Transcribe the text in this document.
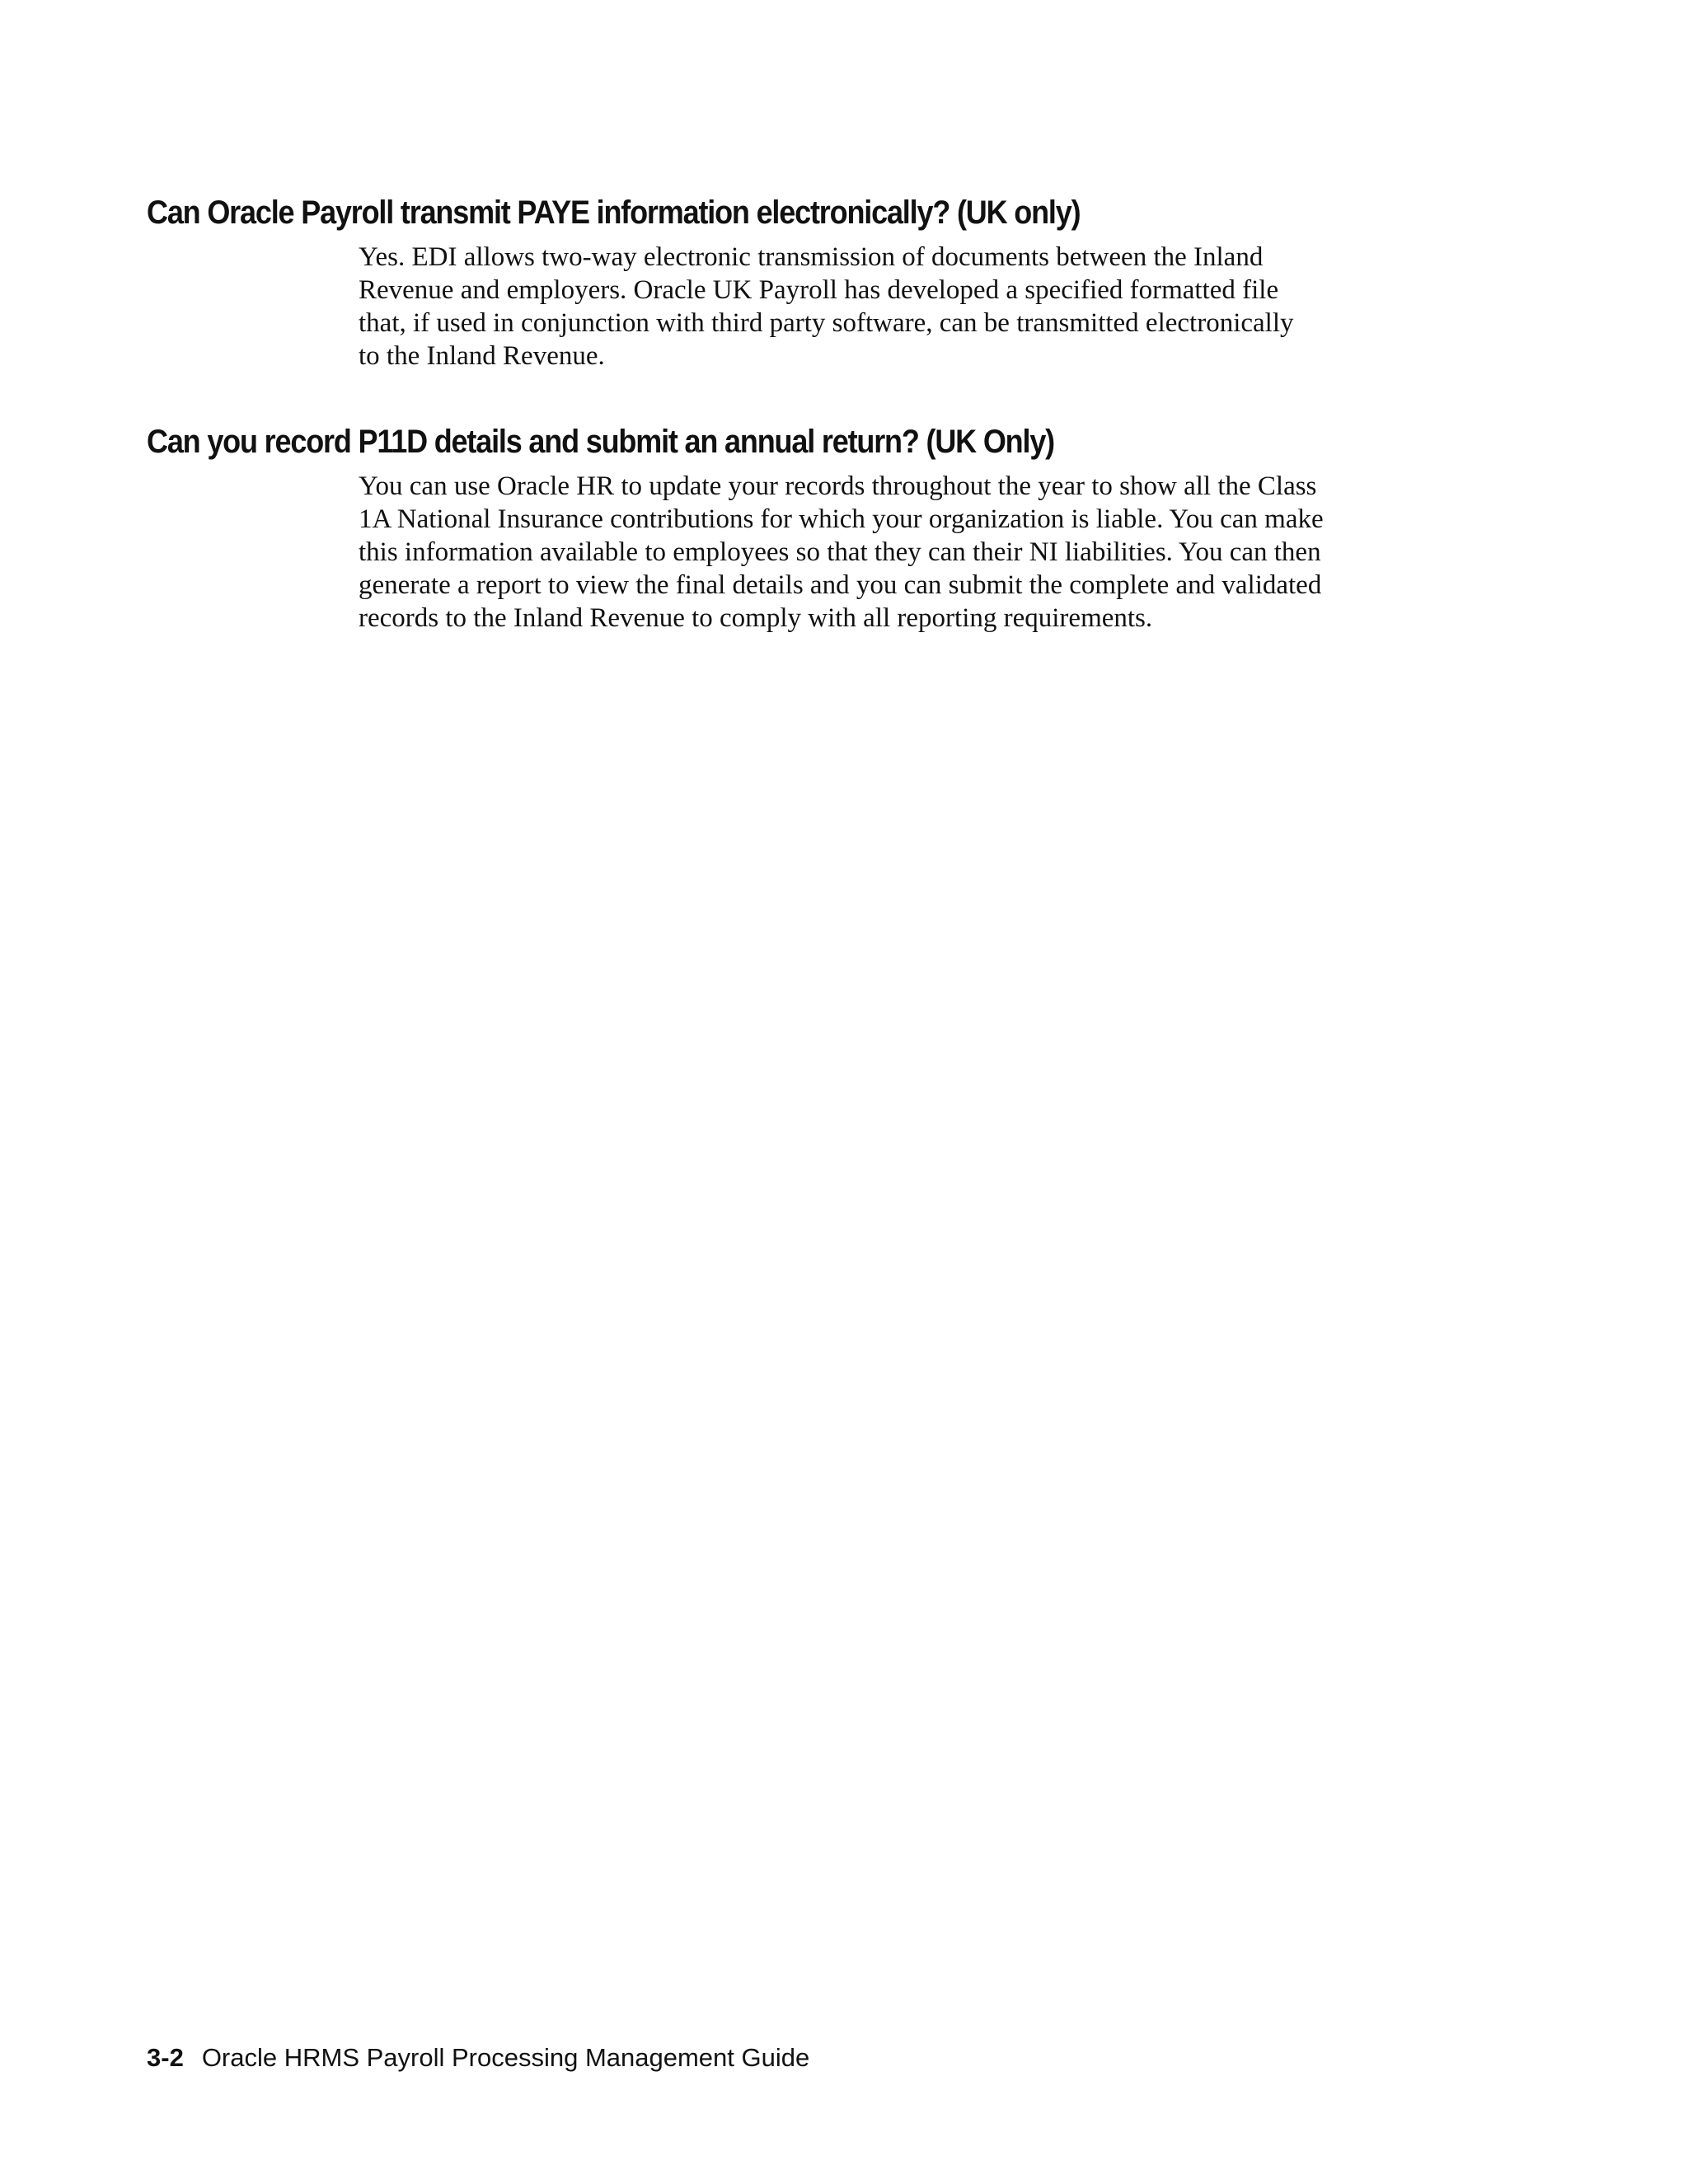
Can Oracle Payroll transmit PAYE information electronically? (UK only)

Yes. EDI allows two-way electronic transmission of documents between the Inland
Revenue and employers. Oracle UK Payroll has developed a specified formatted file
that, if used in conjunction with third party software, can be transmitted electronically
to the Inland Revenue.

Can you record P11D details and submit an annual return? (UK Only)

You can use Oracle HR to update your records throughout the year to show all the Class
1A National Insurance contributions for which your organization is liable. You can make
this information available to employees so that they can their NI liabilities. You can then
generate a report to view the final details and you can submit the complete and validated
records to the Inland Revenue to comply with all reporting requirements.

3-2 Oracle HRMS Payroll Processing Management Guide
